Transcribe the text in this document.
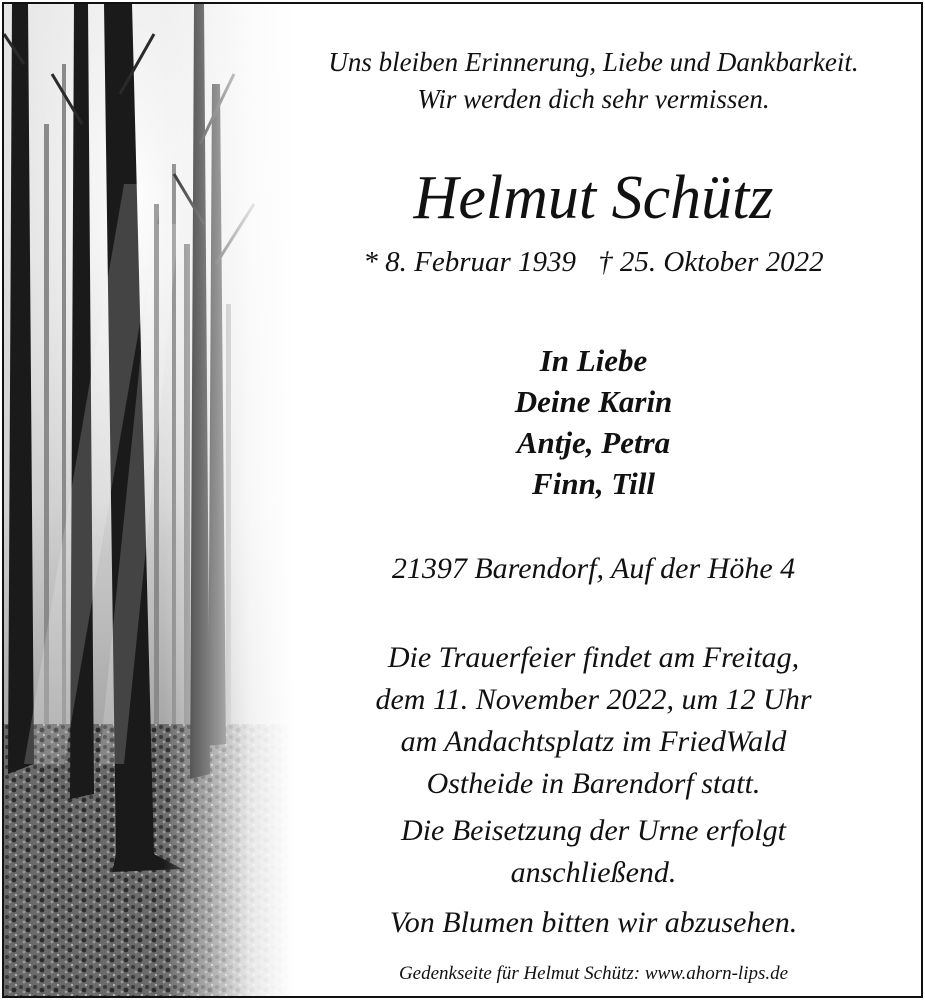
Uns bleiben Erinnerung, Liebe und Dankbarkeit.
Wir werden dich sehr vermissen.
Helmut Schütz
* 8. Februar 1939 † 25. Oktober 2022
In Liebe
Deine Karin
Antje, Petra
Finn, Till
21397 Barendorf, Auf der Höhe 4
Die Trauerfeier findet am Freitag,
dem 11. November 2022, um 12 Uhr
am Andachtsplatz im FriedWald
Ostheide in Barendorf statt.
Die Beisetzung der Urne erfolgt
anschließend.
Von Blumen bitten wir abzusehen.
Gedenkseite für Helmut Schütz: www.ahorn-lips.de
